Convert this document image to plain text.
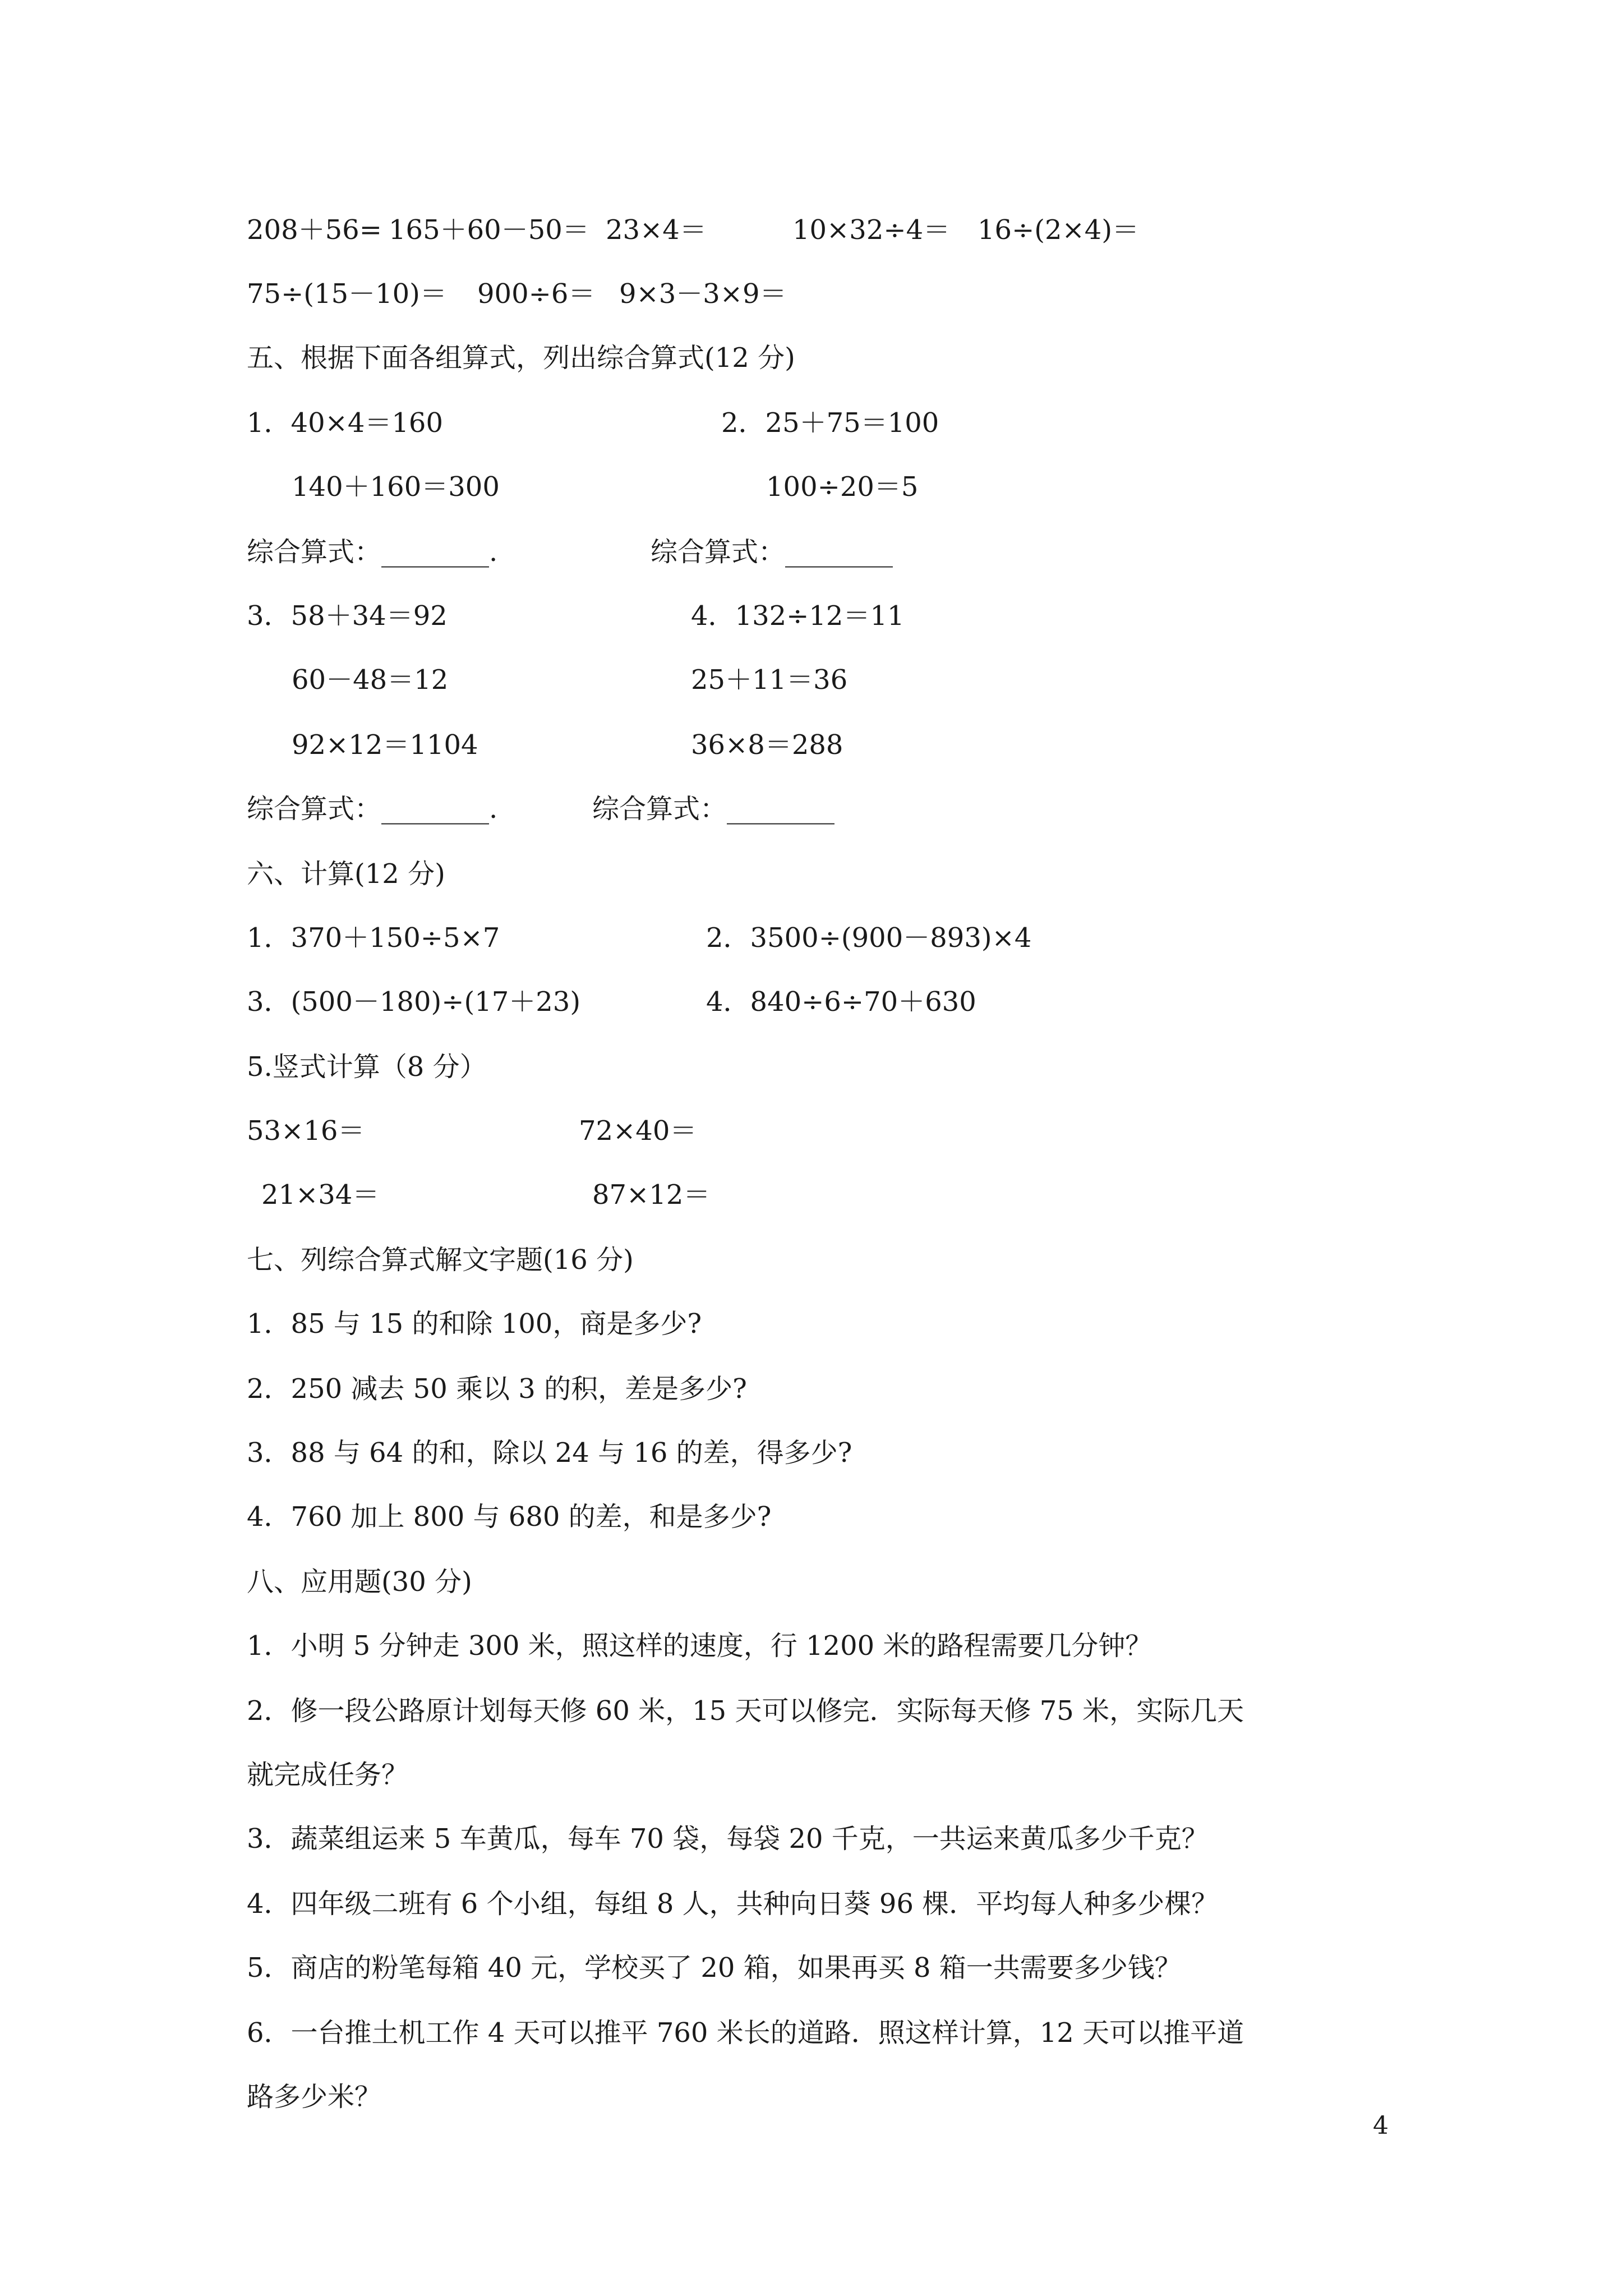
208＋56= 165＋60－50＝ 23×4＝	10×32÷4＝ 16÷(2×4)＝
75÷(15－10)＝ 900÷6＝ 9×3－3×9＝
五、根据下面各组算式，列出综合算式(12 分)
1．40×4＝160	2．25＋75＝100
140＋160＝300	100÷20＝5
综合算式：________.	综合算式：________
3．58＋34＝92	4．132÷12＝11
60－48＝12	25＋11＝36
92×12＝1104	36×8＝288
综合算式：________.	综合算式：________
六、计算(12 分)
1．370＋150÷5×7	2．3500÷(900－893)×4
3．(500－180)÷(17＋23)	4．840÷6÷70＋630
5.竖式计算（8 分）
53×16＝	72×40＝
21×34＝	87×12＝
七、列综合算式解文字题(16 分)
1．85 与 15 的和除 100，商是多少?
2．250 减去 50 乘以 3 的积，差是多少?
3．88 与 64 的和，除以 24 与 16 的差，得多少?
4．760 加上 800 与 680 的差，和是多少?
八、应用题(30 分)
1．小明 5 分钟走 300 米，照这样的速度，行 1200 米的路程需要几分钟？
2．修一段公路原计划每天修 60 米，15 天可以修完．实际每天修 75 米，实际几天
就完成任务？
3．蔬菜组运来 5 车黄瓜，每车 70 袋，每袋 20 千克，一共运来黄瓜多少千克？
4．四年级二班有 6 个小组，每组 8 人，共种向日葵 96 棵．平均每人种多少棵？
5．商店的粉笔每箱 40 元，学校买了 20 箱，如果再买 8 箱一共需要多少钱？
6．一台推土机工作 4 天可以推平 760 米长的道路．照这样计算，12 天可以推平道
路多少米？
4
